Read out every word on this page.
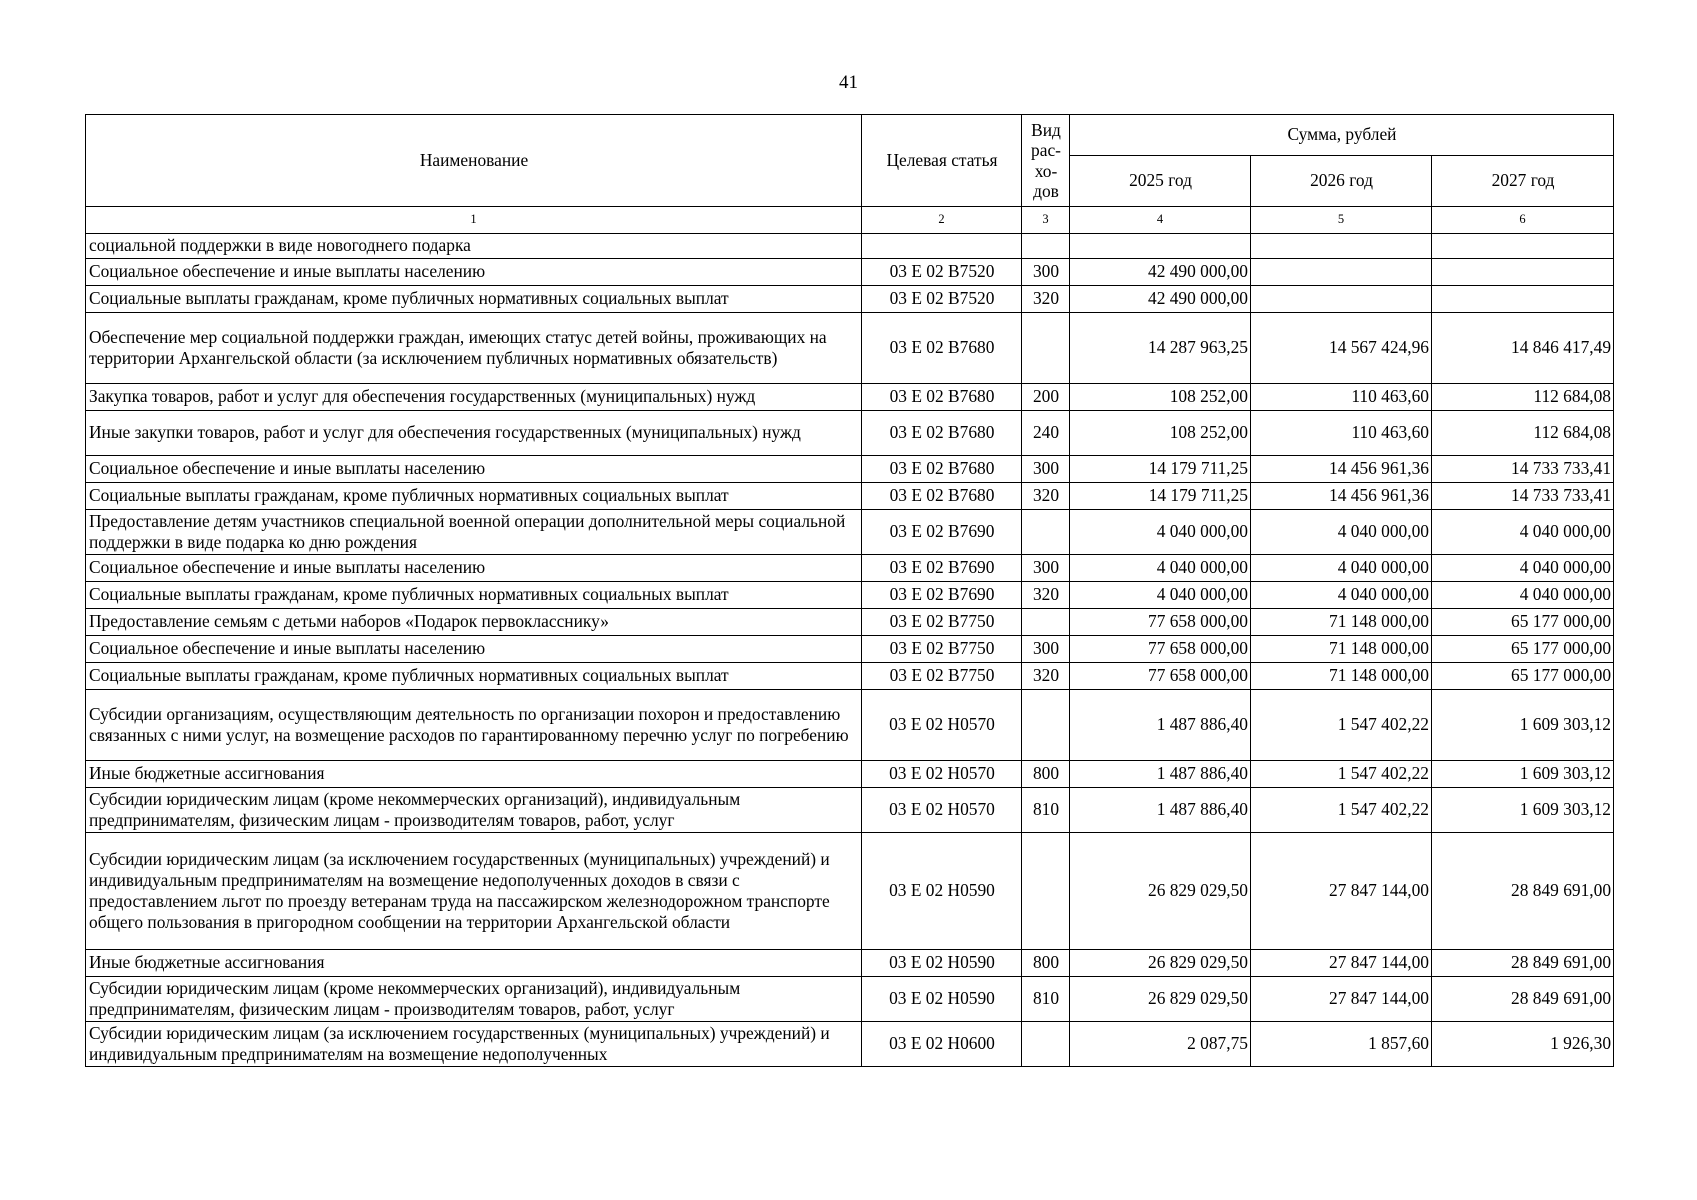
41
Наименование	Целевая статья	Вид рас-хо-дов	Сумма, рублей		
			2025 год	2026 год	2027 год
1	2	3	4	5	6
социальной поддержки в виде новогоднего подарка					
Социальное обеспечение и иные выплаты населению	03 Е 02 В7520	300	42 490 000,00		
Социальные выплаты гражданам, кроме публичных нормативных социальных выплат	03 Е 02 В7520	320	42 490 000,00		
Обеспечение мер социальной поддержки граждан, имеющих статус детей войны, проживающих на территории Архангельской области (за исключением публичных нормативных обязательств)	03 Е 02 В7680		14 287 963,25	14 567 424,96	14 846 417,49
Закупка товаров, работ и услуг для обеспечения государственных (муниципальных) нужд	03 Е 02 В7680	200	108 252,00	110 463,60	112 684,08
Иные закупки товаров, работ и услуг для обеспечения государственных (муниципальных) нужд	03 Е 02 В7680	240	108 252,00	110 463,60	112 684,08
Социальное обеспечение и иные выплаты населению	03 Е 02 В7680	300	14 179 711,25	14 456 961,36	14 733 733,41
Социальные выплаты гражданам, кроме публичных нормативных социальных выплат	03 Е 02 В7680	320	14 179 711,25	14 456 961,36	14 733 733,41
Предоставление детям участников специальной военной операции дополнительной меры социальной поддержки в виде подарка ко дню рождения	03 Е 02 В7690		4 040 000,00	4 040 000,00	4 040 000,00
Социальное обеспечение и иные выплаты населению	03 Е 02 В7690	300	4 040 000,00	4 040 000,00	4 040 000,00
Социальные выплаты гражданам, кроме публичных нормативных социальных выплат	03 Е 02 В7690	320	4 040 000,00	4 040 000,00	4 040 000,00
Предоставление семьям с детьми наборов «Подарок первокласснику»	03 Е 02 В7750		77 658 000,00	71 148 000,00	65 177 000,00
Социальное обеспечение и иные выплаты населению	03 Е 02 В7750	300	77 658 000,00	71 148 000,00	65 177 000,00
Социальные выплаты гражданам, кроме публичных нормативных социальных выплат	03 Е 02 В7750	320	77 658 000,00	71 148 000,00	65 177 000,00
Субсидии организациям, осуществляющим деятельность по организации похорон и предоставлению связанных с ними услуг, на возмещение расходов по гарантированному перечню услуг по погребению	03 Е 02 Н0570		1 487 886,40	1 547 402,22	1 609 303,12
Иные бюджетные ассигнования	03 Е 02 Н0570	800	1 487 886,40	1 547 402,22	1 609 303,12
Субсидии юридическим лицам (кроме некоммерческих организаций), индивидуальным предпринимателям, физическим лицам - производителям товаров, работ, услуг	03 Е 02 Н0570	810	1 487 886,40	1 547 402,22	1 609 303,12
Субсидии юридическим лицам (за исключением государственных (муниципальных) учреждений) и индивидуальным предпринимателям на возмещение недополученных доходов в связи с предоставлением льгот по проезду ветеранам труда на пассажирском железнодорожном транспорте общего пользования в пригородном сообщении на территории Архангельской области	03 Е 02 Н0590		26 829 029,50	27 847 144,00	28 849 691,00
Иные бюджетные ассигнования	03 Е 02 Н0590	800	26 829 029,50	27 847 144,00	28 849 691,00
Субсидии юридическим лицам (кроме некоммерческих организаций), индивидуальным предпринимателям, физическим лицам - производителям товаров, работ, услуг	03 Е 02 Н0590	810	26 829 029,50	27 847 144,00	28 849 691,00
Субсидии юридическим лицам (за исключением государственных (муниципальных) учреждений) и индивидуальным предпринимателям на возмещение недополученных	03 Е 02 Н0600		2 087,75	1 857,60	1 926,30
